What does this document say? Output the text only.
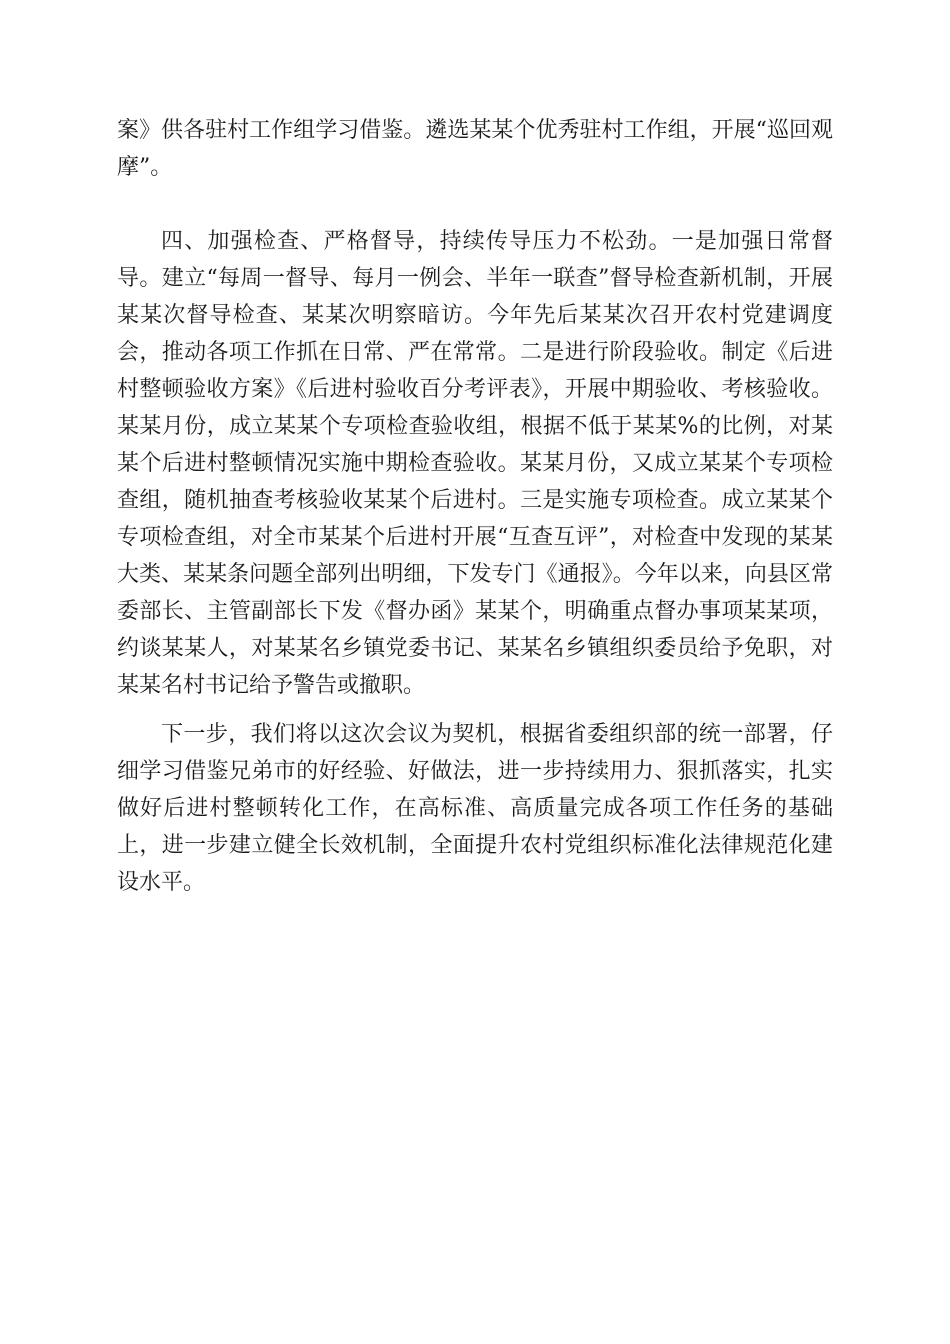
案》供各驻村工作组学习借鉴。遴选某某个优秀驻村工作组，开展“巡回观摩”。

四、加强检查、严格督导，持续传导压力不松劲。一是加强日常督导。建立“每周一督导、每月一例会、半年一联查”督导检查新机制，开展某某次督导检查、某某次明察暗访。今年先后某某次召开农村党建调度会，推动各项工作抓在日常、严在常常。二是进行阶段验收。制定《后进村整顿验收方案》《后进村验收百分考评表》，开展中期验收、考核验收。某某月份，成立某某个专项检查验收组，根据不低于某某%的比例，对某某个后进村整顿情况实施中期检查验收。某某月份，又成立某某个专项检查组，随机抽查考核验收某某个后进村。三是实施专项检查。成立某某个专项检查组，对全市某某个后进村开展“互查互评”，对检查中发现的某某大类、某某条问题全部列出明细，下发专门《通报》。今年以来，向县区常委部长、主管副部长下发《督办函》某某个，明确重点督办事项某某项，约谈某某人，对某某名乡镇党委书记、某某名乡镇组织委员给予免职，对某某名村书记给予警告或撤职。

下一步，我们将以这次会议为契机，根据省委组织部的统一部署，仔细学习借鉴兄弟市的好经验、好做法，进一步持续用力、狠抓落实，扎实做好后进村整顿转化工作，在高标准、高质量完成各项工作任务的基础上，进一步建立健全长效机制，全面提升农村党组织标准化法律规范化建设水平。
